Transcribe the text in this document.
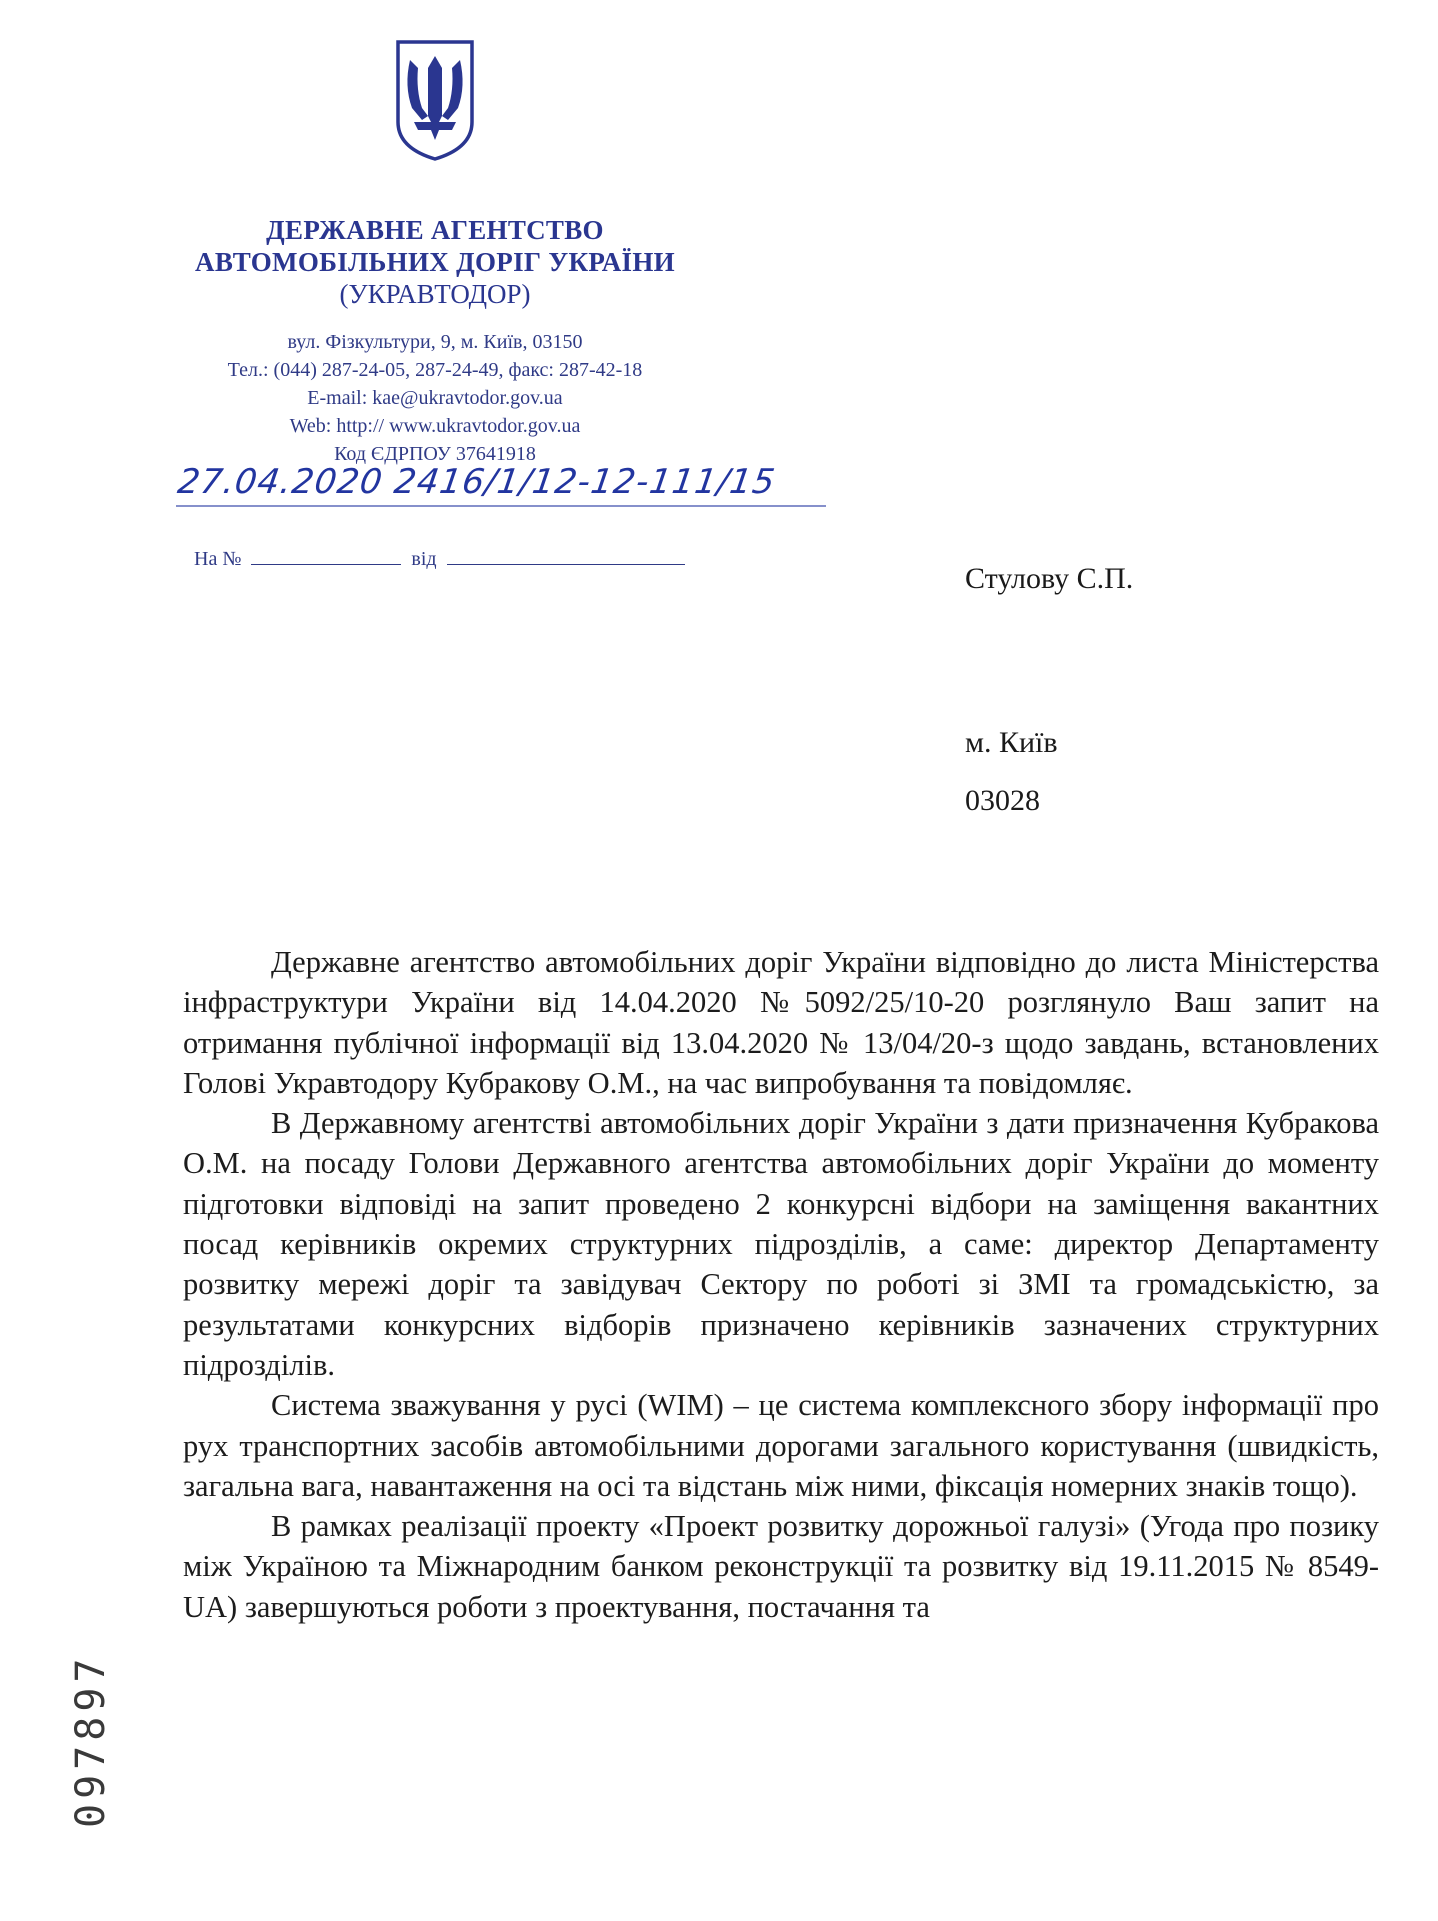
ДЕРЖАВНЕ АГЕНТСТВО
АВТОМОБІЛЬНИХ ДОРІГ УКРАЇНИ
(УКРАВТОДОР)
вул. Фізкультури, 9, м. Київ, 03150
Тел.: (044) 287-24-05, 287-24-49, факс: 287-42-18
E-mail: kae@ukravtodor.gov.ua
Web: http:// www.ukravtodor.gov.ua
Код ЄДРПОУ 37641918
27.04.2020 2416/1/12-12-111/15
На №	від
Стулову С.П.
м. Київ
03028

Державне агентство автомобільних доріг України відповідно до листа Міністерства інфраструктури України від 14.04.2020 №5092/25/10-20 розглянуло Ваш запит на отримання публічної інформації від 13.04.2020 № 13/04/20-з щодо завдань, встановлених Голові Укравтодору Кубракову О.М., на час випробування та повідомляє.

В Державному агентстві автомобільних доріг України з дати призначення Кубракова О.М. на посаду Голови Державного агентства автомобільних доріг України до моменту підготовки відповіді на запит проведено 2 конкурсні відбори на заміщення вакантних посад керівників окремих структурних підрозділів, а саме: директор Департаменту розвитку мережі доріг та завідувач Сектору по роботі зі ЗМІ та громадськістю, за результатами конкурсних відборів призначено керівників зазначених структурних підрозділів.

Система зважування у русі (WIM) – це система комплексного збору інформації про рух транспортних засобів автомобільними дорогами загального користування (швидкість, загальна вага, навантаження на осі та відстань між ними, фіксація номерних знаків тощо).

В рамках реалізації проекту «Проект розвитку дорожньої галузі» (Угода про позику між Україною та Міжнародним банком реконструкції та розвитку від 19.11.2015 № 8549-UA) завершуються роботи з проектування, постачання та

097897
